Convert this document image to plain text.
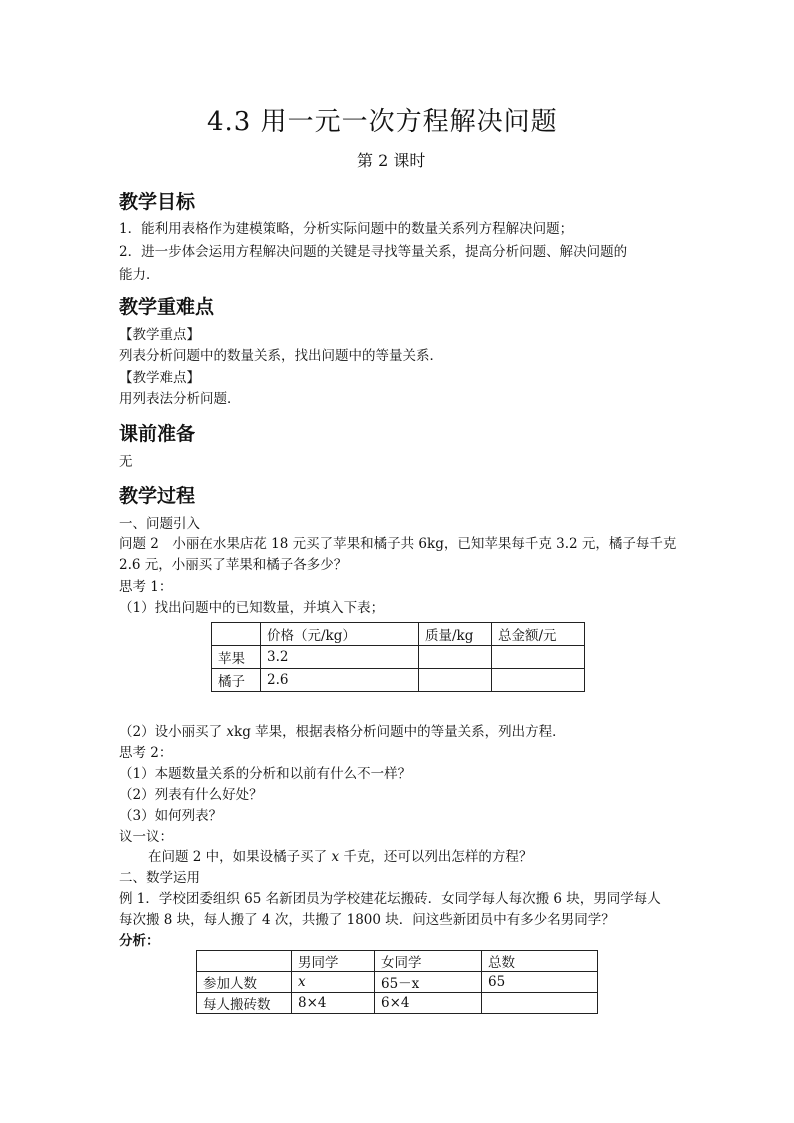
4.3 用一元一次方程解决问题
第 2 课时
教学目标
1．能利用表格作为建模策略，分析实际问题中的数量关系列方程解决问题；
2．进一步体会运用方程解决问题的关键是寻找等量关系，提高分析问题、解决问题的
能力．
教学重难点
【教学重点】
列表分析问题中的数量关系，找出问题中的等量关系．
【教学难点】
用列表法分析问题．
课前准备
无
教学过程
一、问题引入
问题 2　小丽在水果店花 18 元买了苹果和橘子共 6kg，已知苹果每千克 3.2 元，橘子每千克
2.6 元，小丽买了苹果和橘子各多少？
思考 1：
（1）找出问题中的已知数量，并填入下表；
	价格（元/kg）	质量/kg	总金额/元
苹果	3.2		
橘子	2.6		
（2）设小丽买了 xkg 苹果，根据表格分析问题中的等量关系，列出方程．
思考 2：
（1）本题数量关系的分析和以前有什么不一样？
（2）列表有什么好处？
（3）如何列表？
议一议：
在问题 2 中，如果设橘子买了 x 千克，还可以列出怎样的方程？
二、数学运用
例 1．学校团委组织 65 名新团员为学校建花坛搬砖．女同学每人每次搬 6 块，男同学每人
每次搬 8 块，每人搬了 4 次，共搬了 1800 块．问这些新团员中有多少名男同学？
分析：
	男同学	女同学	总数
参加人数	x	65－x	65
每人搬砖数	8×4	6×4	
